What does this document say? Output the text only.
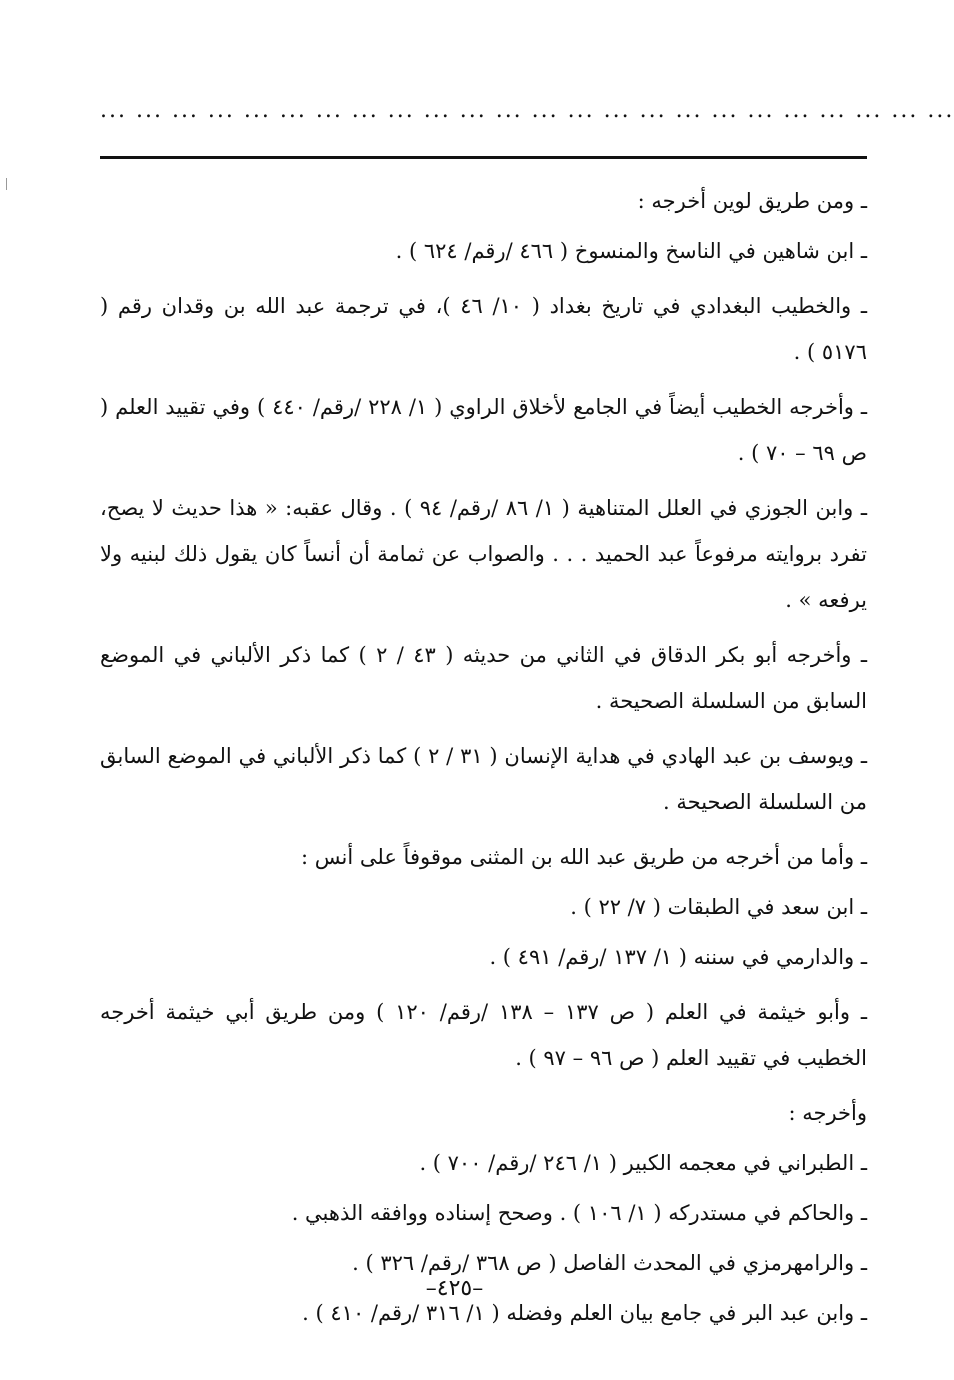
... ... ... ... ... ... ... ... ... ... ... ... ... ... ... ... ... ... ... ... ... ... ... ...

ـ ومن طريق لوين أخرجه :

ـ ابن شاهين في الناسخ والمنسوخ ( ٤٦٦ /رقم/ ٦٢٤ ) .

ـ والخطيب البغدادي في تاريخ بغداد ( ١٠/ ٤٦ )، في ترجمة عبد الله بن وقدان رقم ( ٥١٧٦ ) .

ـ وأخرجه الخطيب أيضاً في الجامع لأخلاق الراوي ( ١/ ٢٢٨ /رقم/ ٤٤٠ ) وفي تقييد العلم ( ص ٦٩ – ٧٠ ) .

ـ وابن الجوزي في العلل المتناهية ( ١/ ٨٦ /رقم/ ٩٤ ) . وقال عقبه: « هذا حديث لا يصح، تفرد بروايته مرفوعاً عبد الحميد . . . والصواب عن ثمامة أن أنساً كان يقول ذلك لبنيه ولا يرفعه » .

ـ وأخرجه أبو بكر الدقاق في الثاني من حديثه ( ٤٣ / ٢ ) كما ذكر الألباني في الموضع السابق من السلسلة الصحيحة .

ـ ويوسف بن عبد الهادي في هداية الإنسان ( ٣١ / ٢ ) كما ذكر الألباني في الموضع السابق من السلسلة الصحيحة .

ـ وأما من أخرجه من طريق عبد الله بن المثنى موقوفاً على أنس :

ـ ابن سعد في الطبقات ( ٧/ ٢٢ ) .

ـ والدارمي في سننه ( ١/ ١٣٧ /رقم/ ٤٩١ ) .

ـ وأبو خيثمة في العلم ( ص ١٣٧ – ١٣٨ /رقم/ ١٢٠ ) ومن طريق أبي خيثمة أخرجه الخطيب في تقييد العلم ( ص ٩٦ – ٩٧ ) .

وأخرجه :

ـ الطبراني في معجمه الكبير ( ١/ ٢٤٦ /رقم/ ٧٠٠ ) .

ـ والحاكم في مستدركه ( ١/ ١٠٦ ) . وصحح إسناده ووافقه الذهبي .

ـ والرامهرمزي في المحدث الفاصل ( ص ٣٦٨ /رقم/ ٣٢٦ ) .

ـ وابن عبد البر في جامع بيان العلم وفضله ( ١/ ٣١٦ /رقم/ ٤١٠ ) .

–٤٢٥–
